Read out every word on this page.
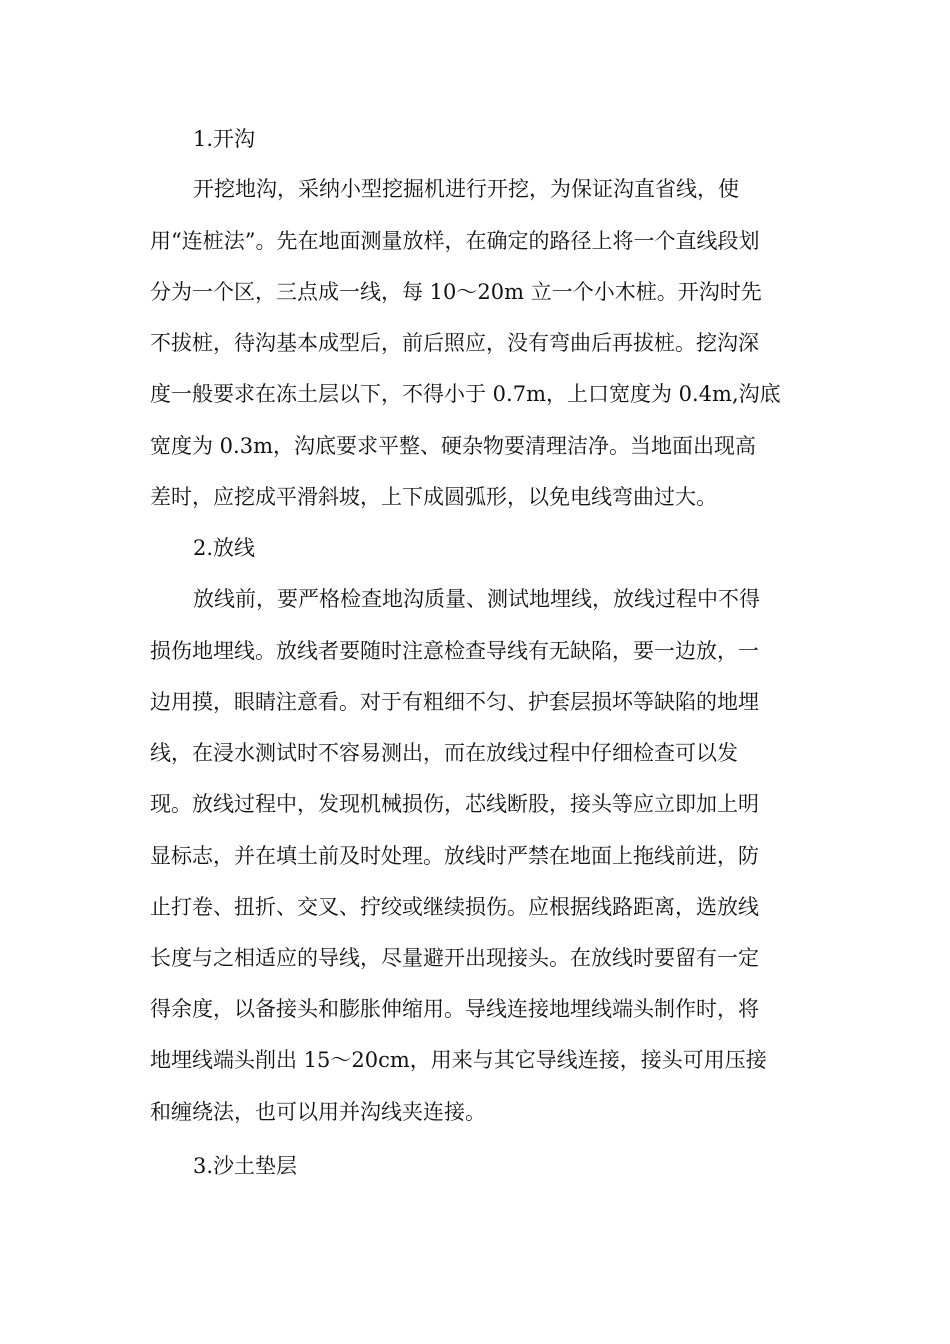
1.开沟
开挖地沟，采纳小型挖掘机进行开挖，为保证沟直省线，使
用“连桩法”。先在地面测量放样，在确定的路径上将一个直线段划
分为一个区，三点成一线，每 10～20m 立一个小木桩。开沟时先
不拔桩，待沟基本成型后，前后照应，没有弯曲后再拔桩。挖沟深
度一般要求在冻土层以下，不得小于 0.7m，上口宽度为 0.4m,沟底
宽度为 0.3m，沟底要求平整、硬杂物要清理洁净。当地面出现高
差时，应挖成平滑斜坡，上下成圆弧形，以免电线弯曲过大。
2.放线
放线前，要严格检查地沟质量、测试地埋线，放线过程中不得
损伤地埋线。放线者要随时注意检查导线有无缺陷，要一边放，一
边用摸，眼睛注意看。对于有粗细不匀、护套层损坏等缺陷的地埋
线，在浸水测试时不容易测出，而在放线过程中仔细检查可以发
现。放线过程中，发现机械损伤，芯线断股，接头等应立即加上明
显标志，并在填土前及时处理。放线时严禁在地面上拖线前进，防
止打卷、扭折、交叉、拧绞或继续损伤。应根据线路距离，选放线
长度与之相适应的导线，尽量避开出现接头。在放线时要留有一定
得余度，以备接头和膨胀伸缩用。导线连接地埋线端头制作时，将
地埋线端头削出 15～20cm，用来与其它导线连接，接头可用压接
和缠绕法，也可以用并沟线夹连接。
3.沙土垫层
